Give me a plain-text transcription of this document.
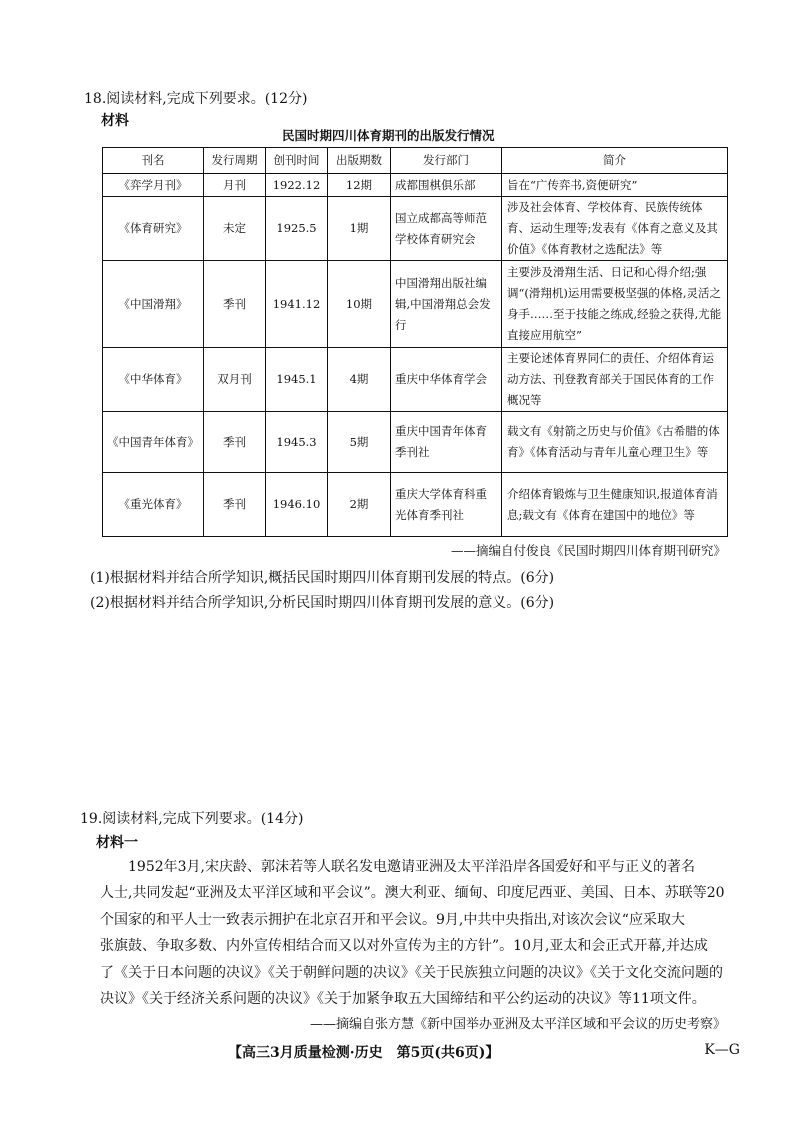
18.阅读材料,完成下列要求。(12分)
材料
民国时期四川体育期刊的出版发行情况
刊名	发行周期	创刊时间	出版期数	发行部门	简介
《弈学月刊》	月刊	1922.12	12期	成都围棋俱乐部	旨在“广传弈书,资便研究”
《体育研究》	未定	1925.5	1期	国立成都高等师范学校体育研究会	涉及社会体育、学校体育、民族传统体育、运动生理等;发表有《体育之意义及其价值》《体育教材之选配法》等
《中国滑翔》	季刊	1941.12	10期	中国滑翔出版社编辑,中国滑翔总会发行	主要涉及滑翔生活、日记和心得介绍;强调“(滑翔机)运用需要极坚强的体格,灵活之身手……至于技能之练成,经验之获得,尤能直接应用航空”
《中华体育》	双月刊	1945.1	4期	重庆中华体育学会	主要论述体育界同仁的责任、介绍体育运动方法、刊登教育部关于国民体育的工作概况等
《中国青年体育》	季刊	1945.3	5期	重庆中国青年体育季刊社	载文有《射箭之历史与价值》《古希腊的体育》《体育活动与青年儿童心理卫生》等
《重光体育》	季刊	1946.10	2期	重庆大学体育科重光体育季刊社	介绍体育锻炼与卫生健康知识,报道体育消息;载文有《体育在建国中的地位》等
——摘编自付俊良《民国时期四川体育期刊研究》
(1)根据材料并结合所学知识,概括民国时期四川体育期刊发展的特点。(6分)
(2)根据材料并结合所学知识,分析民国时期四川体育期刊发展的意义。(6分)
19.阅读材料,完成下列要求。(14分)
材料一
　　1952年3月,宋庆龄、郭沫若等人联名发电邀请亚洲及太平洋沿岸各国爱好和平与正义的著名
人士,共同发起“亚洲及太平洋区域和平会议”。澳大利亚、缅甸、印度尼西亚、美国、日本、苏联等20
个国家的和平人士一致表示拥护在北京召开和平会议。9月,中共中央指出,对该次会议“应采取大
张旗鼓、争取多数、内外宣传相结合而又以对外宣传为主的方针”。10月,亚太和会正式开幕,并达成
了《关于日本问题的决议》《关于朝鲜问题的决议》《关于民族独立问题的决议》《关于文化交流问题的
决议》《关于经济关系问题的决议》《关于加紧争取五大国缔结和平公约运动的决议》等11项文件。
——摘编自张方慧《新中国举办亚洲及太平洋区域和平会议的历史考察》
【高三3月质量检测·历史　第5页(共6页)】	K—G
